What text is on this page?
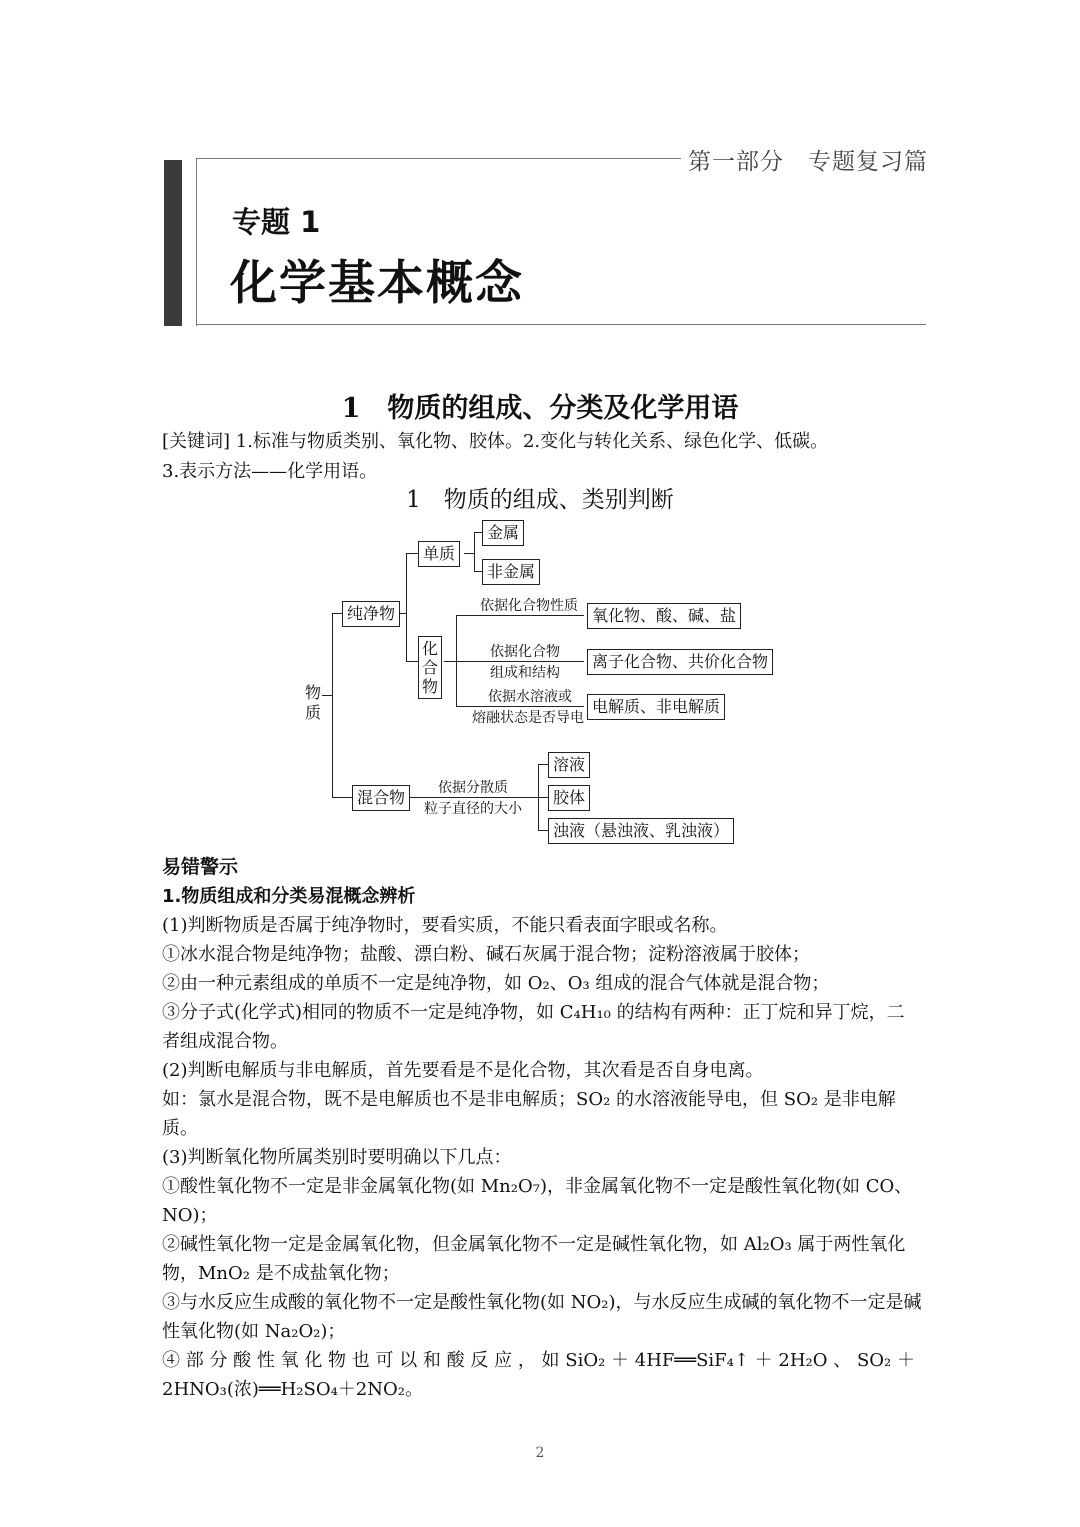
第一部分　专题复习篇
专题 1
化学基本概念
1　物质的组成、分类及化学用语
[关键词] 1.标准与物质类别、氧化物、胶体。2.变化与转化关系、绿色化学、低碳。
3.表示方法——化学用语。
1　物质的组成、类别判断
物质
纯净物
单质
金属
非金属
化合物
依据化合物性质 氧化物、酸、碱、盐
依据化合物
组成和结构
离子化合物、共价化合物
依据水溶液或
熔融状态是否导电
电解质、非电解质
混合物	依据分散质
粒子直径的大小
溶液
胶体
浊液（悬浊液、乳浊液）

易错警示

1.物质组成和分类易混概念辨析

(1)判断物质是否属于纯净物时，要看实质，不能只看表面字眼或名称。

①冰水混合物是纯净物；盐酸、漂白粉、碱石灰属于混合物；淀粉溶液属于胶体；

②由一种元素组成的单质不一定是纯净物，如 O₂、O₃ 组成的混合气体就是混合物；

③分子式(化学式)相同的物质不一定是纯净物，如 C₄H₁₀ 的结构有两种：正丁烷和异丁烷，二者组成混合物。

(2)判断电解质与非电解质，首先要看是不是化合物，其次看是否自身电离。

如：氯水是混合物，既不是电解质也不是非电解质；SO₂ 的水溶液能导电，但 SO₂ 是非电解质。

(3)判断氧化物所属类别时要明确以下几点：

①酸性氧化物不一定是非金属氧化物(如 Mn₂O₇)，非金属氧化物不一定是酸性氧化物(如 CO、NO)；

②碱性氧化物一定是金属氧化物，但金属氧化物不一定是碱性氧化物，如 Al₂O₃ 属于两性氧化物，MnO₂ 是不成盐氧化物；

③与水反应生成酸的氧化物不一定是酸性氧化物(如 NO₂)，与水反应生成碱的氧化物不一定是碱性氧化物(如 Na₂O₂)；

④ 部 分 酸 性 氧 化 物 也 可 以 和 酸 反 应 ， 如 SiO₂ ＋ 4HF══SiF₄↑ ＋ 2H₂O 、 SO₂ ＋ 2HNO₃(浓)══H₂SO₄＋2NO₂。

2
